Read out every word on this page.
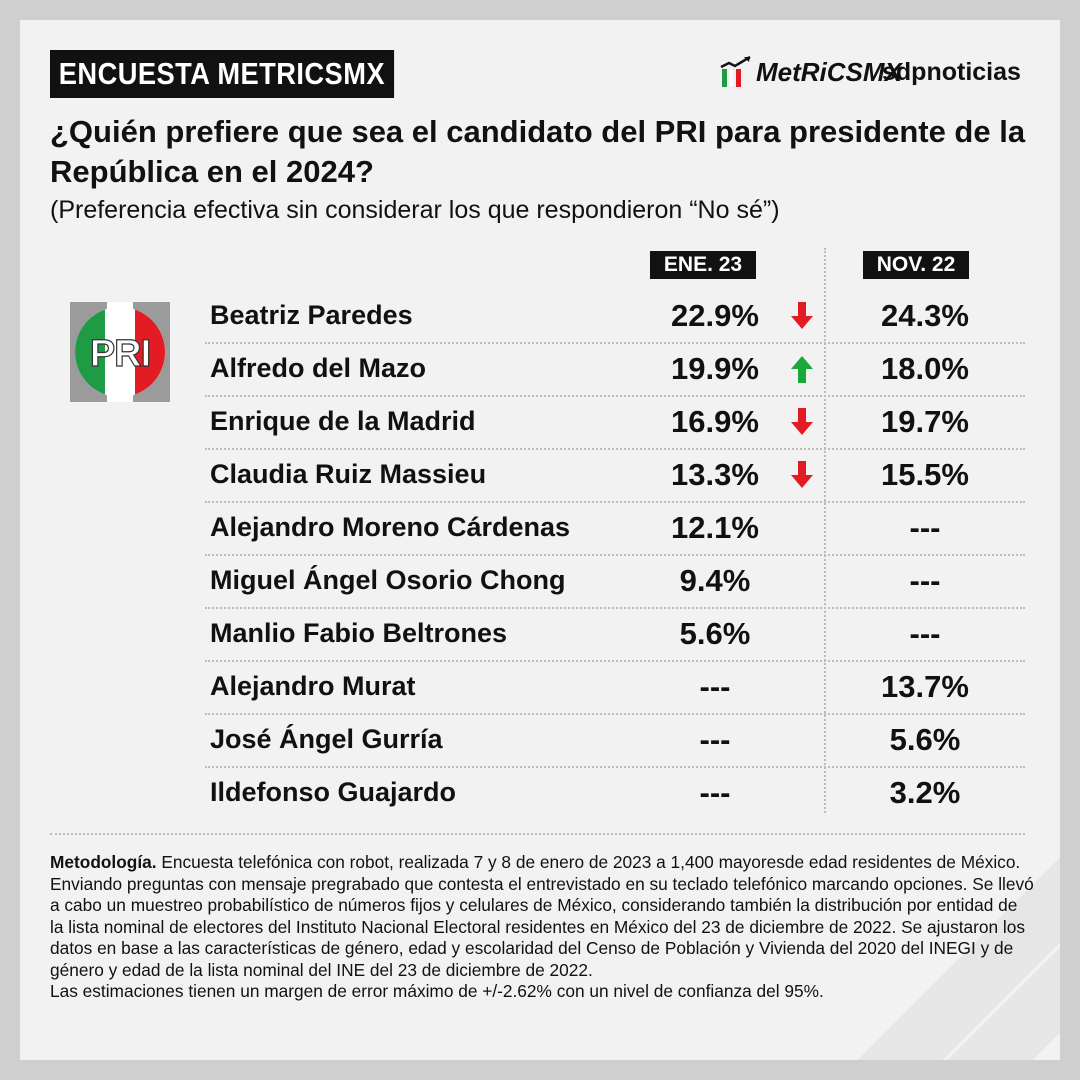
ENCUESTA METRICSMX	MetRiCSMX
sdpnoticias
¿Quién prefiere que sea el candidato del PRI para presidente de la República en el 2024?
(Preferencia efectiva sin considerar los que respondieron “No sé”)
ENE. 23	NOV. 22
PRI
Beatriz Paredes	22.9%	24.3%
Alfredo del Mazo	19.9%	18.0%
Enrique de la Madrid	16.9%	19.7%
Claudia Ruiz Massieu	13.3%	15.5%
Alejandro Moreno Cárdenas	12.1%	---
Miguel Ángel Osorio Chong	9.4%	---
Manlio Fabio Beltrones	5.6%	---
Alejandro Murat	---	13.7%
José Ángel Gurría	---	5.6%
Ildefonso Guajardo	---	3.2%
Metodología. Encuesta telefónica con robot, realizada 7 y 8 de enero de 2023 a 1,400 mayoresde edad residentes de México. Enviando preguntas con mensaje pregrabado que contesta el entrevistado en su teclado telefónico marcando opciones. Se llevó a cabo un muestreo probabilístico de números fijos y celulares de México, considerando también la distribución por entidad de la lista nominal de electores del Instituto Nacional Electoral residentes en México del 23 de diciembre de 2022. Se ajustaron los datos en base a las características de género, edad y escolaridad del Censo de Población y Vivienda del 2020 del INEGI y de género y edad de la lista nominal del INE del 23 de diciembre de 2022.
Las estimaciones tienen un margen de error máximo de +/-2.62% con un nivel de confianza del 95%.
